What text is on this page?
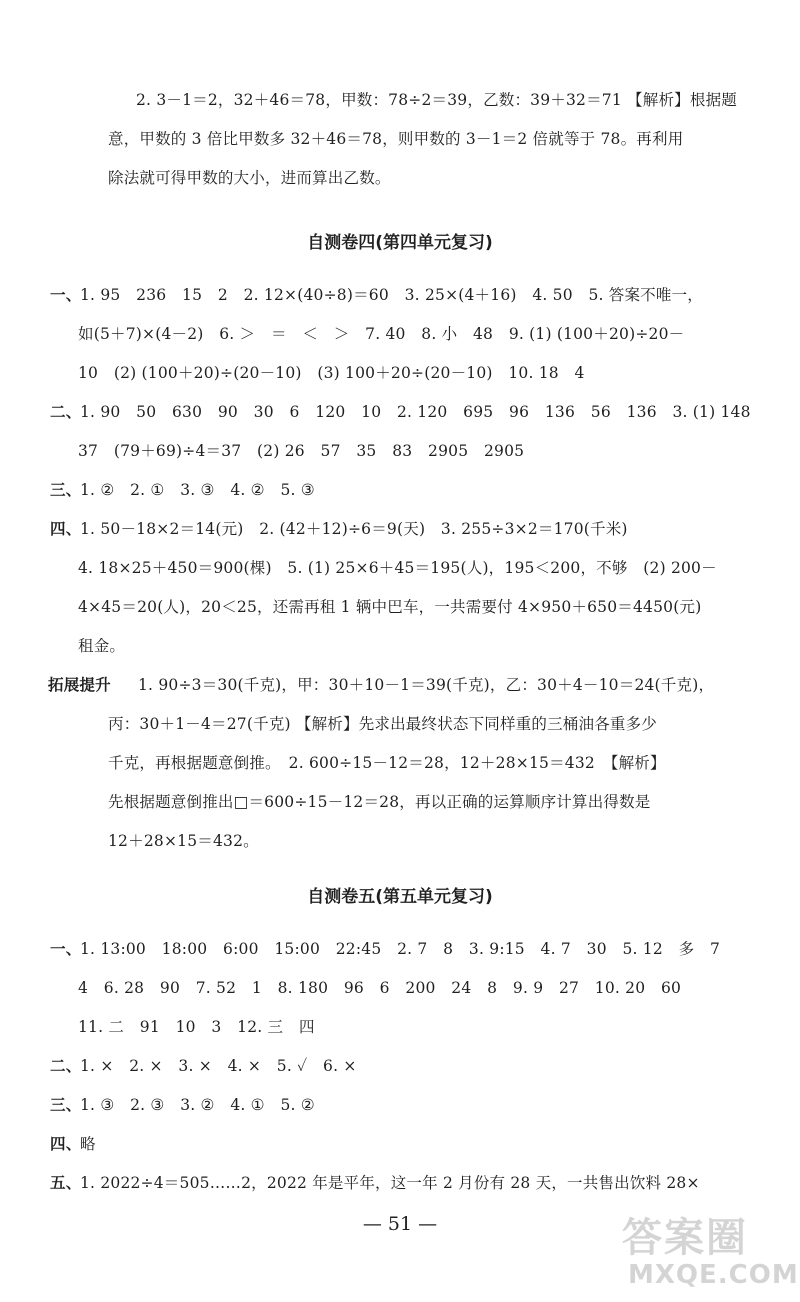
2. 3－1＝2，32＋46＝78，甲数：78÷2＝39，乙数：39＋32＝71 【解析】根据题
意，甲数的 3 倍比甲数多 32＋46＝78，则甲数的 3－1＝2 倍就等于 78。再利用
除法就可得甲数的大小，进而算出乙数。
自测卷四(第四单元复习)
一、
1. 95　236　15　2　2. 12×(40÷8)＝60　3. 25×(4＋16)　4. 50　5. 答案不唯一，
如(5＋7)×(4－2)　6. ＞　＝　＜　＞　7. 40　8. 小　48　9. (1) (100＋20)÷20－
10　(2) (100＋20)÷(20－10)　(3) 100＋20÷(20－10)　10. 18　4
二、
1. 90　50　630　90　30　6　120　10　2. 120　695　96　136　56　136　3. (1) 148
37　(79＋69)÷4＝37　(2) 26　57　35　83　2905　2905
三、
1. ②　2. ①　3. ③　4. ②　5. ③
四、
1. 50－18×2＝14(元)　2. (42＋12)÷6＝9(天)　3. 255÷3×2＝170(千米)
4. 18×25＋450＝900(棵)　5. (1) 25×6＋45＝195(人)，195＜200，不够　(2) 200－
4×45＝20(人)，20＜25，还需再租 1 辆中巴车，一共需要付 4×950＋650＝4450(元)
租金。
拓展提升 1. 90÷3＝30(千克)，甲：30＋10－1＝39(千克)，乙：30＋4－10＝24(千克)，
丙：30＋1－4＝27(千克) 【解析】先求出最终状态下同样重的三桶油各重多少
千克，再根据题意倒推。　2. 600÷15－12＝28，12＋28×15＝432　【解析】
先根据题意倒推出□＝600÷15－12＝28，再以正确的运算顺序计算出得数是
12＋28×15＝432。
自测卷五(第五单元复习)
一、
1. 13:00　18:00　6:00　15:00　22:45　2. 7　8　3. 9:15　4. 7　30　5. 12　多　7
4　6. 28　90　7. 52　1　8. 180　96　6　200　24　8　9. 9　27　10. 20　60
11. 二　91　10　3　12. 三　四
二、
1. ×　2. ×　3. ×　4. ×　5. ✓　6. ×
三、
1. ③　2. ③　3. ②　4. ①　5. ②
四、
略
五、
1. 2022÷4＝505……2，2022 年是平年，这一年 2 月份有 28 天，一共售出饮料 28×
— 51 —	答案圈
MXQE.COM
